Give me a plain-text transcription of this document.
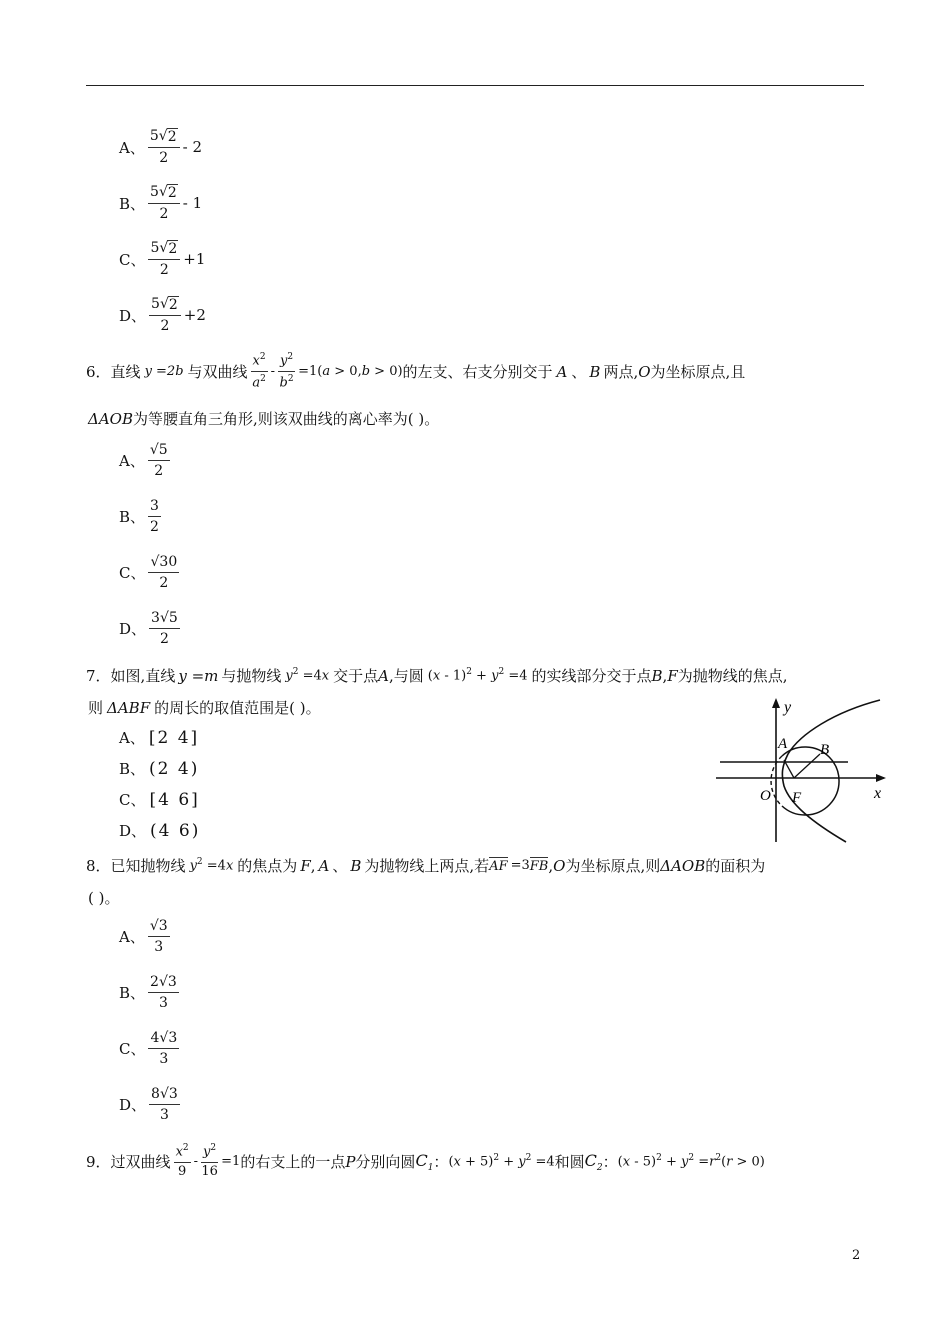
A、 $\frac{5√ 2}{2} - 2$
B、 $\frac{5√ 2}{2} - 1$
C、 $\frac{5√ 2}{2} +1$
D、 $\frac{5√ 2}{2} +2$
6． 直线 y =2b 与双曲线 $\frac{x^2}{a^2} - \frac{y^2}{b^2} =1(a > 0,b > 0)$ 的左支、右支分别交于 A 、 B 两点, O 为坐标原点,且
ΔAOB 为等腰直角三角形,则该双曲线的离心率为( )。
A、 $\frac{√5}{2}$
B、 $\frac{3}{2}$
C、 $\frac{√30}{2}$
D、 $\frac{3√5}{2}$
7． 如图,直线 y =m 与抛物线 $y^2 =4x$ 交于点 A ,与圆 $(x - 1)^2 + y^2 =4$ 的实线部分交于点 B , F 为抛物线的焦点,
则 ΔABF 的周长的取值范围是( )。
A、 [2 4]
B、 (2 4)
C、 [4 6]
D、 (4 6)
y
x
O
A B
F
8． 已知抛物线 $y^2 =4x$ 的焦点为 F , A 、 B 为抛物线上两点,若 AF =3 FB , O 为坐标原点,则 ΔAOB 的面积为
( )。
A、 $\frac{√3}{3}$
B、 $\frac{2√3}{3}$
C、 $\frac{4√3}{3}$
D、 $\frac{8√3}{3}$
9． 过双曲线 $\frac{x^2}{9} - \frac{y^2}{16} =1$ 的右支上的一点 P 分别向圆 $C_1$ ： $(x + 5)^2 + y^2 =4$ 和圆 $C_2$ ： $(x - 5)^2 + y^2 =r^2(r > 0)$
2
